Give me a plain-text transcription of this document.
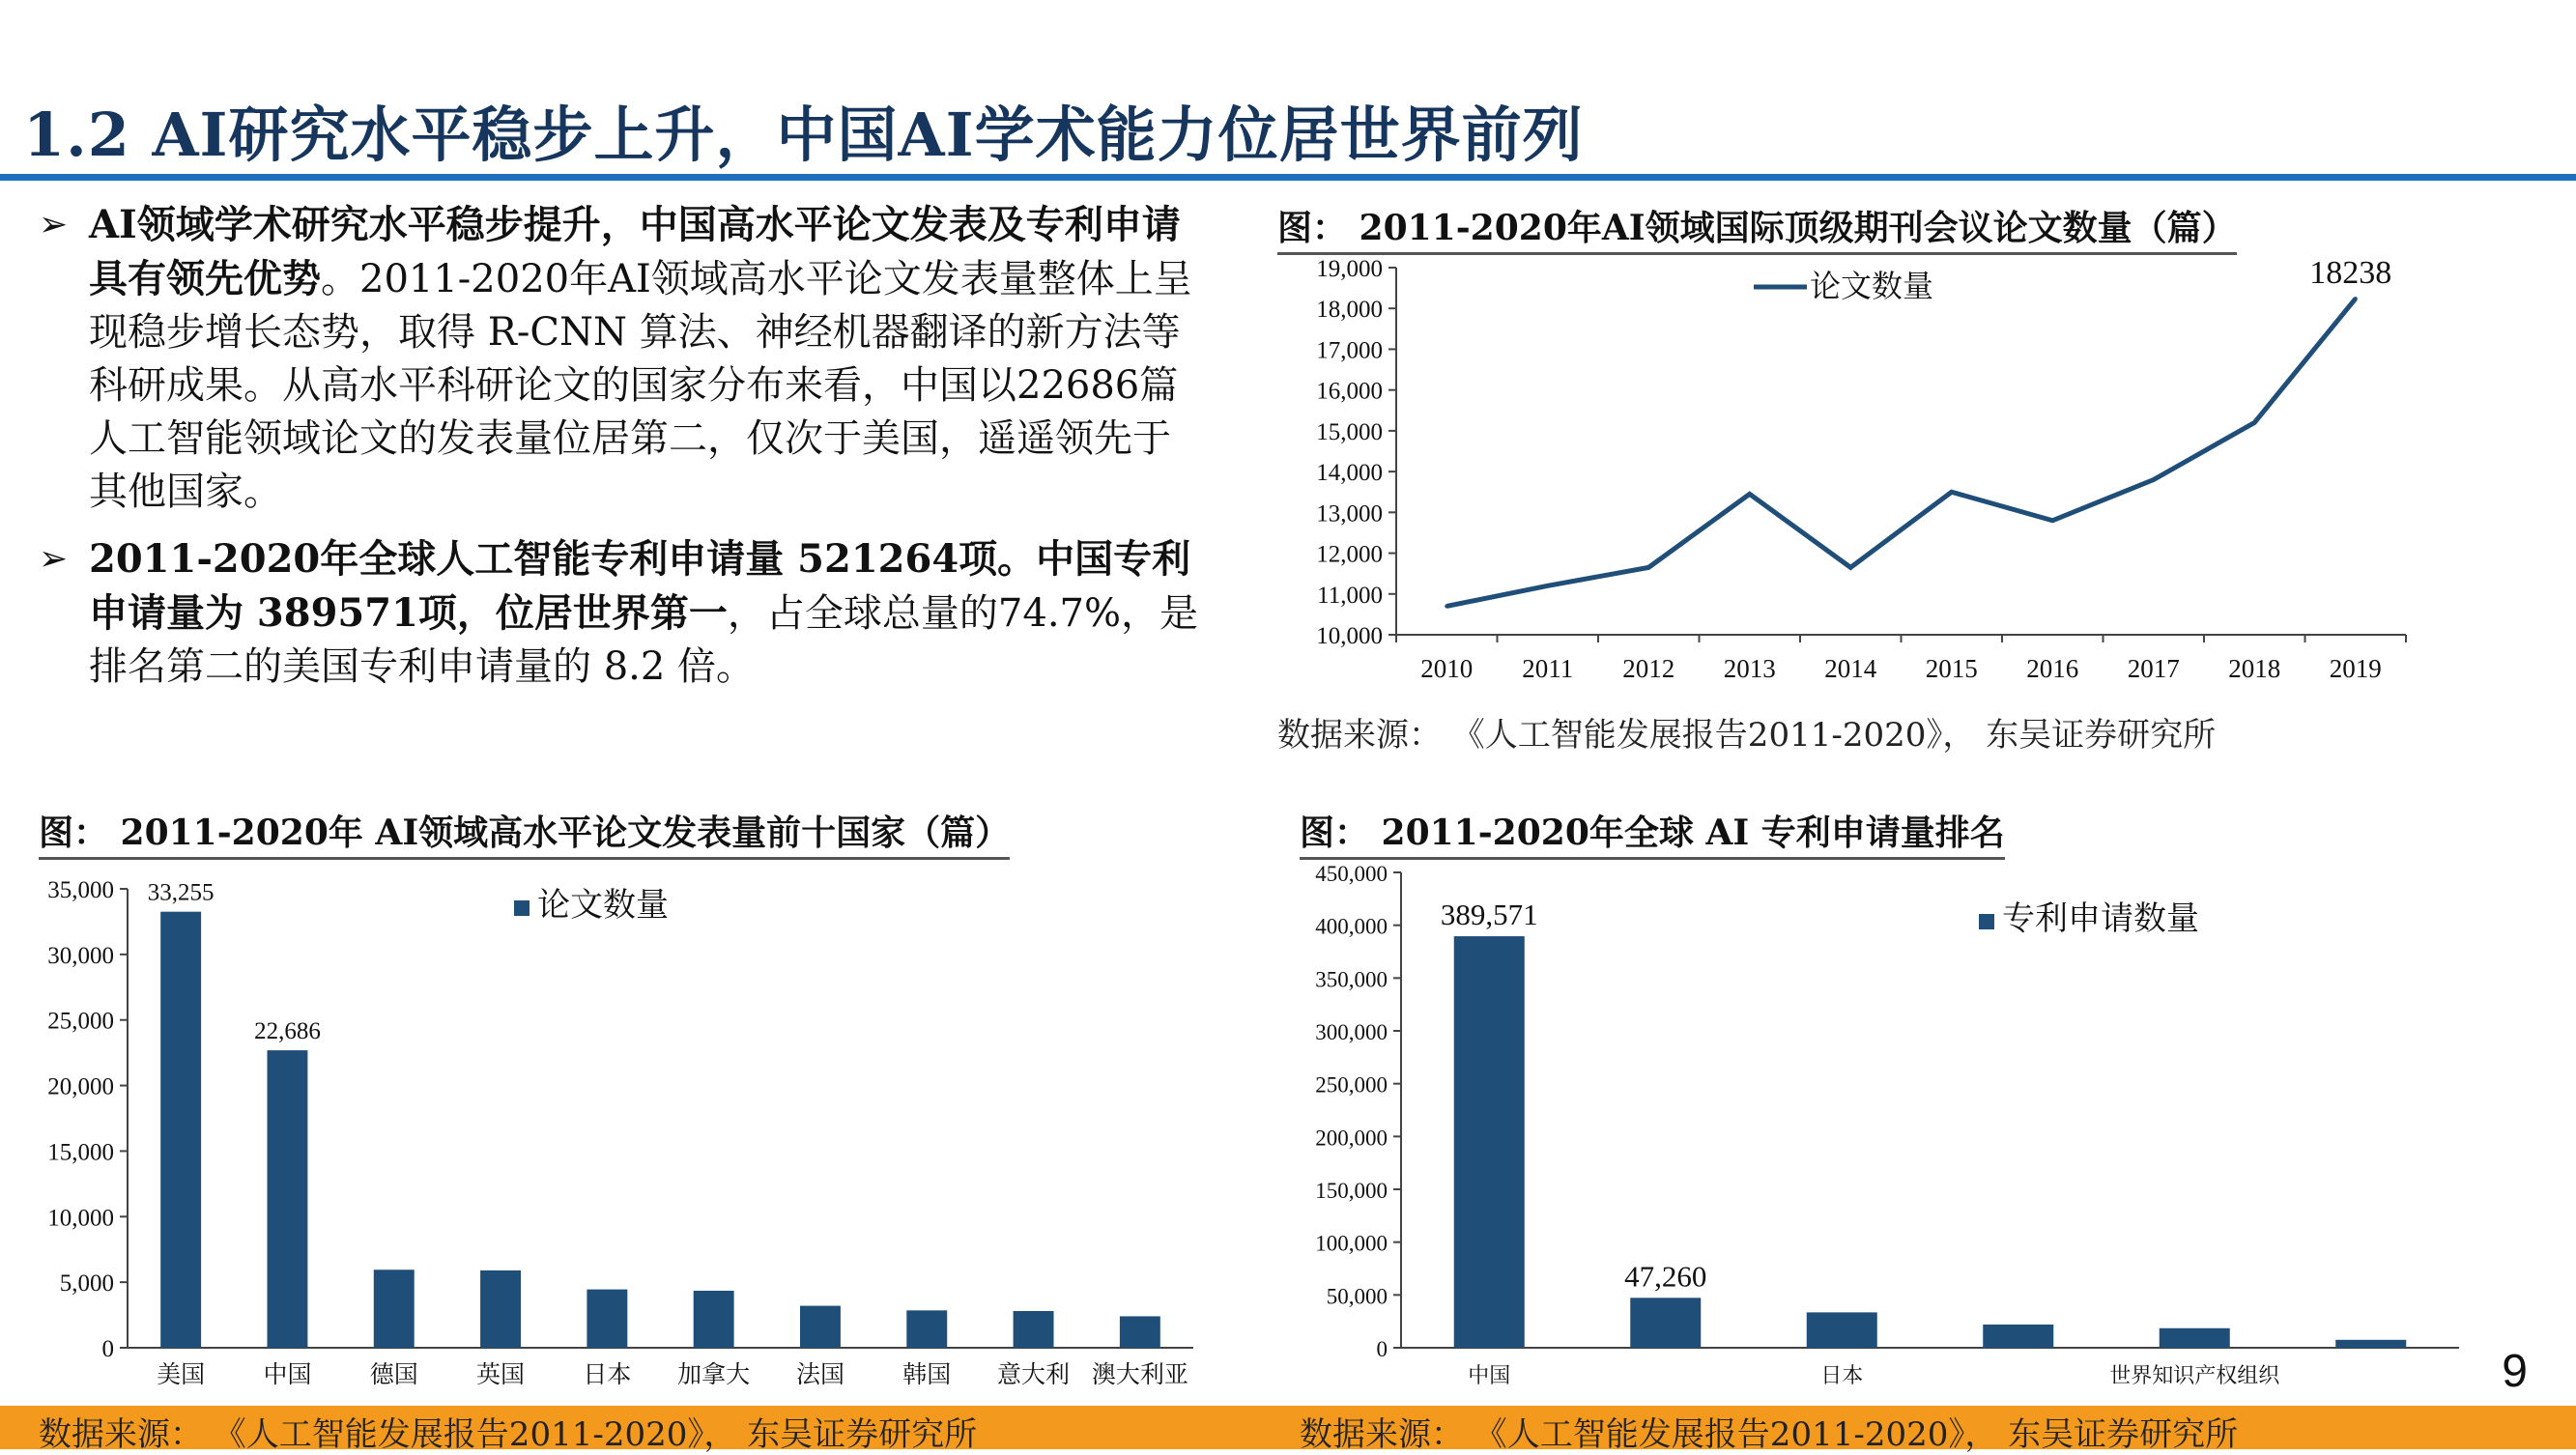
1.2 AI研究水平稳步上升，中国AI学术能力位居世界前列
➢ AI领域学术研究水平稳步提升，中国高水平论文发表及专利申请具有领先优势。2011-2020年AI领域高水平论文发表量整体上呈现稳步增长态势，取得 R-CNN 算法、神经机器翻译的新方法等科研成果。从高水平科研论文的国家分布来看，中国以22686篇人工智能领域论文的发表量位居第二，仅次于美国，遥遥领先于其他国家。
➢ 2011-2020年全球人工智能专利申请量 521264项。中国专利申请量为 389571项，位居世界第一，占全球总量的74.7%，是排名第二的美国专利申请量的 8.2 倍。
图： 2011-2020年AI领域国际顶级期刊会议论文数量（篇）
10,000
11,000
12,000
13,000
14,000
15,000
16,000
17,000
18,000
19,000
2010 2011 2012 2013 2014 2015 2016 2017 2018 2019
18238
论文数量
数据来源： 《人工智能发展报告2011-2020》， 东吴证券研究所
图： 2011-2020年 AI领域高水平论文发表量前十国家（篇）
0
5,000
10,000
15,000
20,000
25,000
30,000
35,000
美国 中国 德国 英国 日本 加拿大 法国 韩国 意大利 澳大利亚
33,255
22,686
论文数量
图： 2011-2020年全球 AI 专利申请量排名
0
50,000
100,000
150,000
200,000
250,000
300,000
350,000
400,000
450,000
中国	日本	世界知识产权组织
389,571
47,260
专利申请数量
数据来源： 《人工智能发展报告2011-2020》， 东吴证券研究所	数据来源： 《人工智能发展报告2011-2020》， 东吴证券研究所
9
